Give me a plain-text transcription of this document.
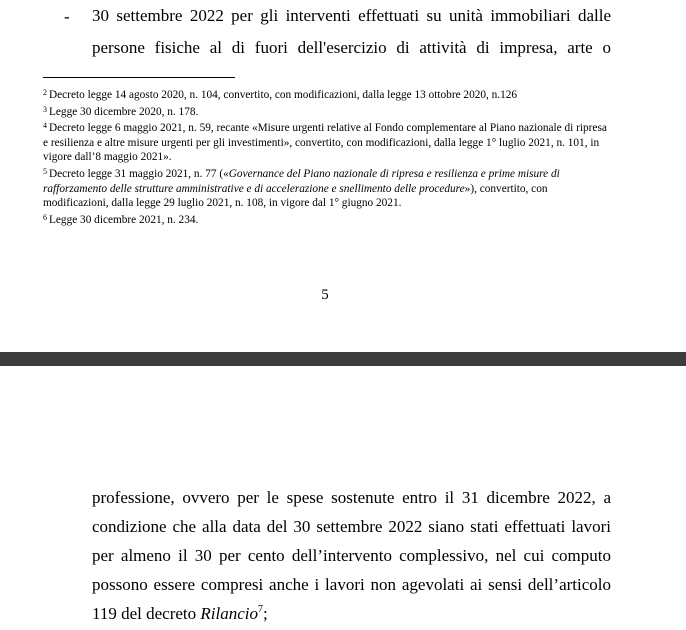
- 30 settembre 2022 per gli interventi effettuati su unità immobiliari dalle
persone fisiche al di fuori dell'esercizio di attività di impresa, arte o

$^2$ Decreto legge 14 agosto 2020, n. 104, convertito, con modificazioni, dalla legge 13 ottobre 2020, n.126

$^3$ Legge 30 dicembre 2020, n. 178.

$^4$ Decreto legge 6 maggio 2021, n. 59, recante «Misure urgenti relative al Fondo complementare al Piano nazionale di ripresa e resilienza e altre misure urgenti per gli investimenti», convertito, con modificazioni, dalla legge 1° luglio 2021, n. 101, in vigore dall’8 maggio 2021».

$^5$ Decreto legge 31 maggio 2021, n. 77 («Governance del Piano nazionale di ripresa e resilienza e prime misure di rafforzamento delle strutture amministrative e di accelerazione e snellimento delle procedure»), convertito, con modificazioni, dalla legge 29 luglio 2021, n. 108, in vigore dal 1° giugno 2021.

$^6$ Legge 30 dicembre 2021, n. 234.

5
professione, ovvero per le spese sostenute entro il 31 dicembre 2022, a
condizione che alla data del 30 settembre 2022 siano stati effettuati lavori
per almeno il 30 per cento dell’intervento complessivo, nel cui computo
possono essere compresi anche i lavori non agevolati ai sensi dell’articolo
119 del decreto Rilancio$^7$;
